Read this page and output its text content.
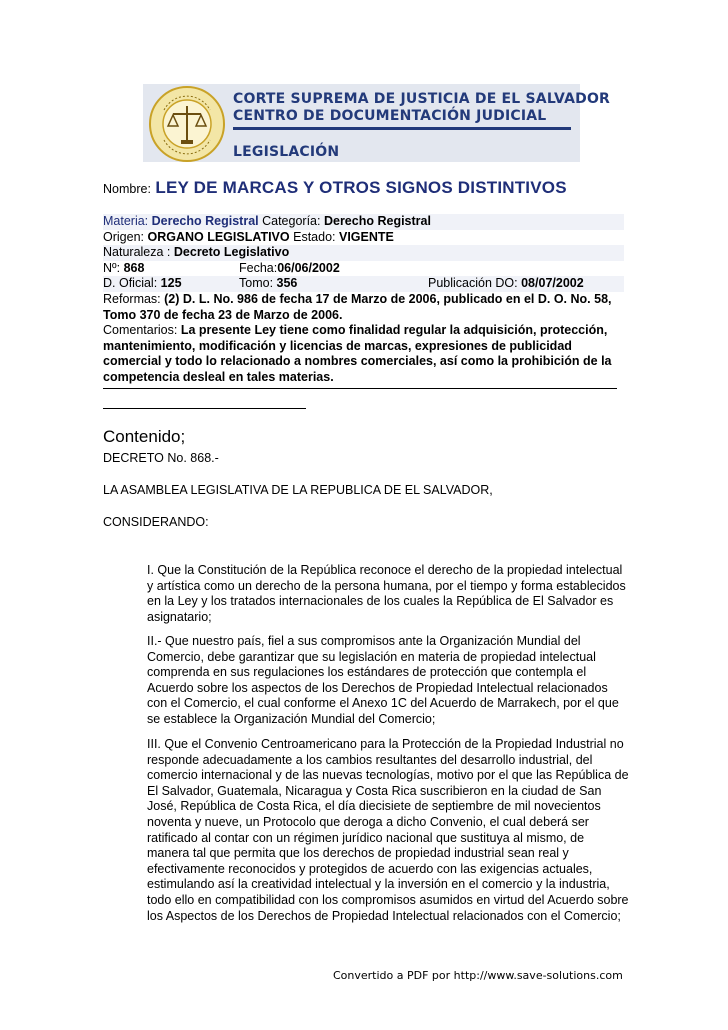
CORTE SUPREMA DE JUSTICIA DE EL SALVADOR
CENTRO DE DOCUMENTACIÓN JUDICIAL
LEGISLACIÓN
Nombre: LEY DE MARCAS Y OTROS SIGNOS DISTINTIVOS
Materia: Derecho Registral Categoría: Derecho Registral
Origen: ORGANO LEGISLATIVO Estado: VIGENTE
Naturaleza : Decreto Legislativo
Nº: 868	Fecha:06/06/2002
D. Oficial: 125	Tomo: 356	Publicación DO: 08/07/2002
Reformas: (2) D. L. No. 986 de fecha 17 de Marzo de 2006, publicado en el D. O. No. 58, Tomo 370 de fecha 23 de Marzo de 2006.
Comentarios: La presente Ley tiene como finalidad regular la adquisición, protección, mantenimiento, modificación y licencias de marcas, expresiones de publicidad comercial y todo lo relacionado a nombres comerciales, así como la prohibición de la competencia desleal en tales materias.
Contenido;
DECRETO No. 868.-
LA ASAMBLEA LEGISLATIVA DE LA REPUBLICA DE EL SALVADOR,
CONSIDERANDO:
I. Que la Constitución de la República reconoce el derecho de la propiedad intelectual y artística como un derecho de la persona humana, por el tiempo y forma establecidos en la Ley y los tratados internacionales de los cuales la República de El Salvador es asignatario;
II.- Que nuestro país, fiel a sus compromisos ante la Organización Mundial del Comercio, debe garantizar que su legislación en materia de propiedad intelectual comprenda en sus regulaciones los estándares de protección que contempla el Acuerdo sobre los aspectos de los Derechos de Propiedad Intelectual relacionados con el Comercio, el cual conforme el Anexo 1C del Acuerdo de Marrakech, por el que se establece la Organización Mundial del Comercio;
III. Que el Convenio Centroamericano para la Protección de la Propiedad Industrial no responde adecuadamente a los cambios resultantes del desarrollo industrial, del comercio internacional y de las nuevas tecnologías, motivo por el que las República de El Salvador, Guatemala, Nicaragua y Costa Rica suscribieron en la ciudad de San José, República de Costa Rica, el día diecisiete de septiembre de mil novecientos noventa y nueve, un Protocolo que deroga a dicho Convenio, el cual deberá ser ratificado al contar con un régimen jurídico nacional que sustituya al mismo, de manera tal que permita que los derechos de propiedad industrial sean real y efectivamente reconocidos y protegidos de acuerdo con las exigencias actuales, estimulando así la creatividad intelectual y la inversión en el comercio y la industria, todo ello en compatibilidad con los compromisos asumidos en virtud del Acuerdo sobre los Aspectos de los Derechos de Propiedad Intelectual relacionados con el Comercio;
Convertido a PDF por http://www.save-solutions.com
